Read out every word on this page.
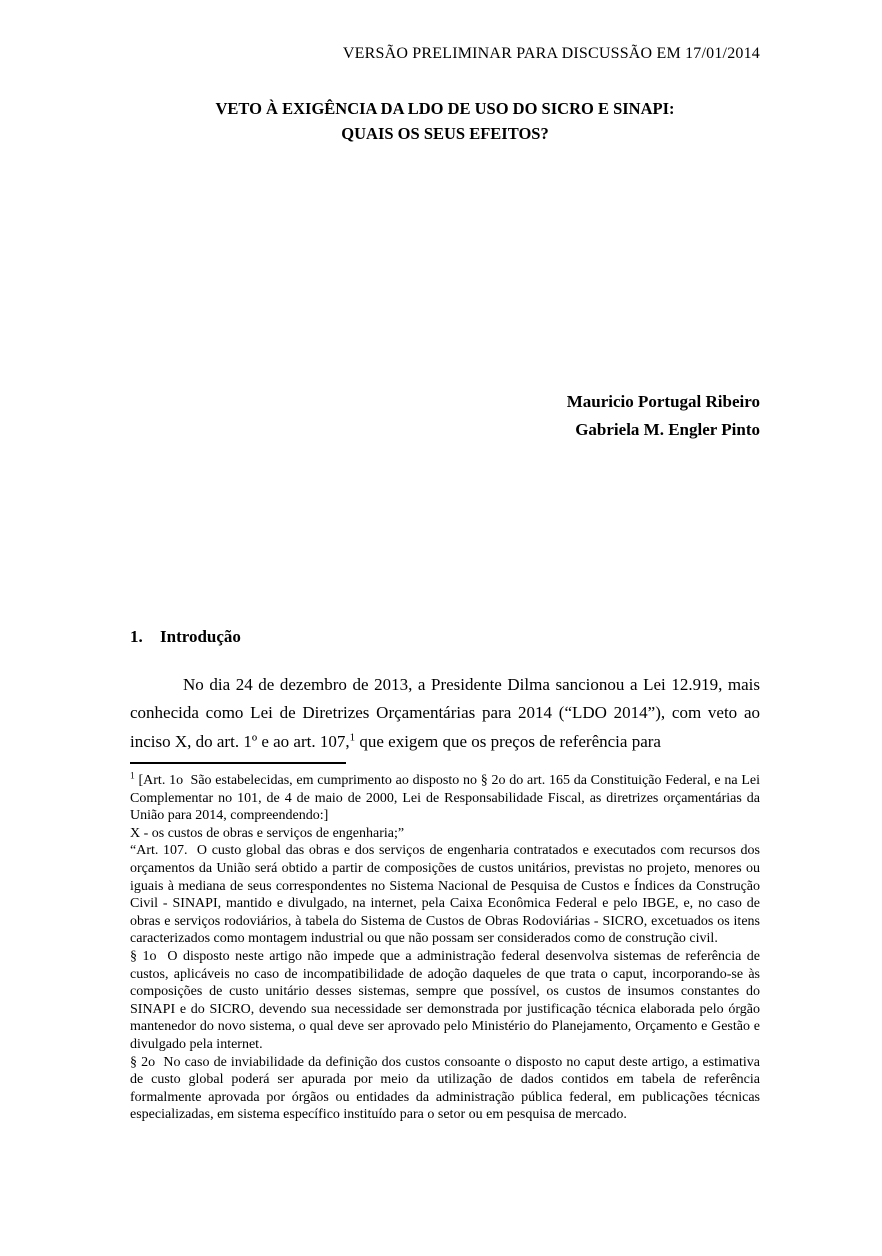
VERSÃO PRELIMINAR PARA DISCUSSÃO EM 17/01/2014
VETO À EXIGÊNCIA DA LDO DE USO DO SICRO E SINAPI:
QUAIS OS SEUS EFEITOS?
Mauricio Portugal Ribeiro
Gabriela M. Engler Pinto
1. Introdução

No dia 24 de dezembro de 2013, a Presidente Dilma sancionou a Lei 12.919, mais conhecida como Lei de Diretrizes Orçamentárias para 2014 (“LDO 2014”), com veto ao inciso X, do art. 1º e ao art. 107,$^1$ que exigem que os preços de referência para

$^1$ [Art. 1o  São estabelecidas, em cumprimento ao disposto no § 2o do art. 165 da Constituição Federal, e na Lei Complementar no 101, de 4 de maio de 2000, Lei de Responsabilidade Fiscal, as diretrizes orçamentárias da União para 2014, compreendendo:]
X - os custos de obras e serviços de engenharia;”
“Art. 107.  O custo global das obras e dos serviços de engenharia contratados e executados com recursos dos orçamentos da União será obtido a partir de composições de custos unitários, previstas no projeto, menores ou iguais à mediana de seus correspondentes no Sistema Nacional de Pesquisa de Custos e Índices da Construção Civil - SINAPI, mantido e divulgado, na internet, pela Caixa Econômica Federal e pelo IBGE, e, no caso de obras e serviços rodoviários, à tabela do Sistema de Custos de Obras Rodoviárias - SICRO, excetuados os itens caracterizados como montagem industrial ou que não possam ser considerados como de construção civil.
§ 1o  O disposto neste artigo não impede que a administração federal desenvolva sistemas de referência de custos, aplicáveis no caso de incompatibilidade de adoção daqueles de que trata o caput, incorporando-se às composições de custo unitário desses sistemas, sempre que possível, os custos de insumos constantes do SINAPI e do SICRO, devendo sua necessidade ser demonstrada por justificação técnica elaborada pelo órgão mantenedor do novo sistema, o qual deve ser aprovado pelo Ministério do Planejamento, Orçamento e Gestão e divulgado pela internet.
§ 2o  No caso de inviabilidade da definição dos custos consoante o disposto no caput deste artigo, a estimativa de custo global poderá ser apurada por meio da utilização de dados contidos em tabela de referência formalmente aprovada por órgãos ou entidades da administração pública federal, em publicações técnicas especializadas, em sistema específico instituído para o setor ou em pesquisa de mercado.
